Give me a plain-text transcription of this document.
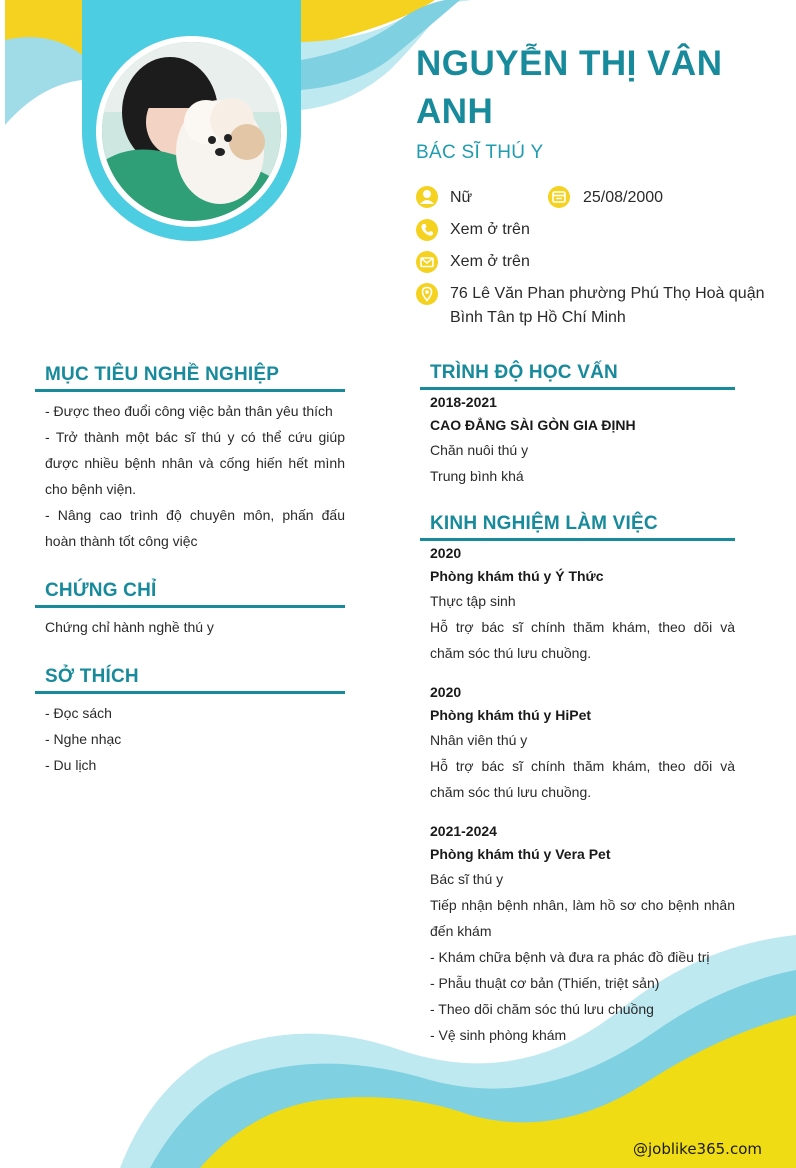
NGUYỄN THỊ VÂN ANH
BÁC SĨ THÚ Y
Nữ	25/08/2000
Xem ở trên
Xem ở trên
76 Lê Văn Phan phường Phú Thọ Hoà quận Bình Tân tp Hồ Chí Minh
MỤC TIÊU NGHỀ NGHIỆP
- Được theo đuổi công việc bản thân yêu thích
- Trở thành một bác sĩ thú y có thể cứu giúp được nhiều bệnh nhân và cống hiến hết mình cho bệnh viện.
- Nâng cao trình độ chuyên môn, phấn đấu hoàn thành tốt công việc
CHỨNG CHỈ
Chứng chỉ hành nghề thú y
SỞ THÍCH
- Đọc sách
- Nghe nhạc
- Du lịch
TRÌNH ĐỘ HỌC VẤN
2018-2021
CAO ĐẲNG SÀI GÒN GIA ĐỊNH
Chăn nuôi thú y
Trung bình khá
KINH NGHIỆM LÀM VIỆC
2020
Phòng khám thú y Ý Thức
Thực tập sinh
Hỗ trợ bác sĩ chính thăm khám, theo dõi và chăm sóc thú lưu chuồng.
2020
Phòng khám thú y HiPet
Nhân viên thú y
Hỗ trợ bác sĩ chính thăm khám, theo dõi và chăm sóc thú lưu chuồng.
2021-2024
Phòng khám thú y Vera Pet
Bác sĩ thú y
Tiếp nhận bệnh nhân, làm hồ sơ cho bệnh nhân đến khám
- Khám chữa bệnh và đưa ra phác đồ điều trị
- Phẫu thuật cơ bản (Thiến, triệt sản)
- Theo dõi chăm sóc thú lưu chuồng
- Vệ sinh phòng khám
@joblike365.com
